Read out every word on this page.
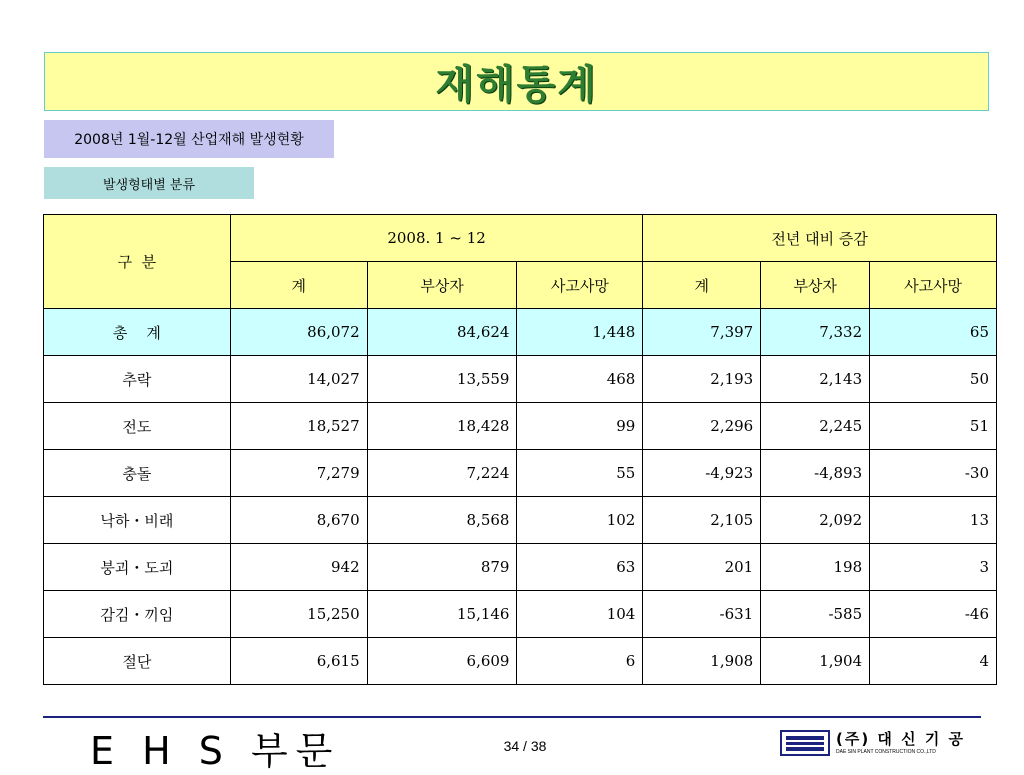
재해통계
2008년 1월-12월 산업재해 발생현황
발생형태별 분류
구  분	2008. 1 ~ 12			전년 대비 증감		
	계	부상자	사고사망	계	부상자	사고사망
총    계	86,072	84,624	1,448	7,397	7,332	65
추락	14,027	13,559	468	2,193	2,143	50
전도	18,527	18,428	99	2,296	2,245	51
충돌	7,279	7,224	55	-4,923	-4,893	-30
낙하・비래	8,670	8,568	102	2,105	2,092	13
붕괴・도괴	942	879	63	201	198	3
감김・끼임	15,250	15,146	104	-631	-585	-46
절단	6,615	6,609	6	1,908	1,904	4
E H S 부문	34 / 38	(주) 대 신 기 공
DAE SIN PLANT CONSTRUCTION CO.,LTD
